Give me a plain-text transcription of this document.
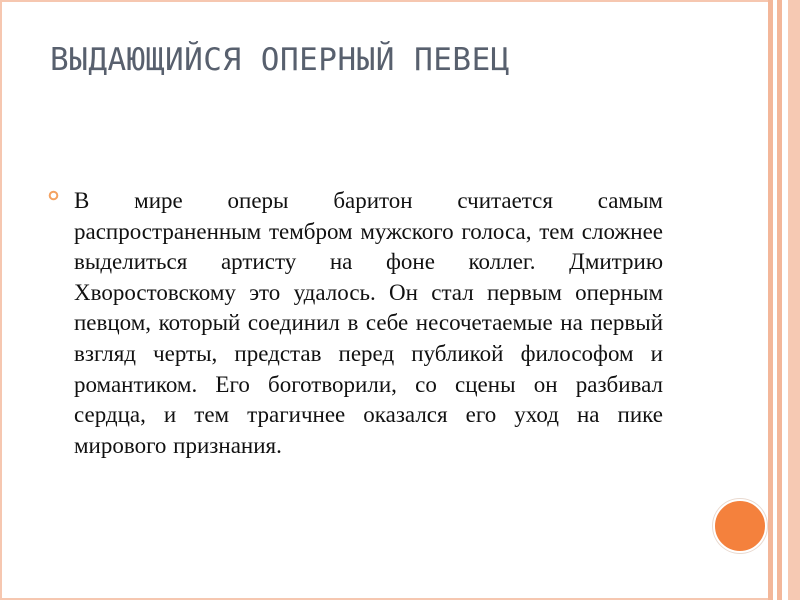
ВЫДАЮЩИЙСЯ ОПЕРНЫЙ ПЕВЕЦ

В мире оперы баритон считается самым распространенным тембром мужского голоса, тем сложнее выделиться артисту на фоне коллег. Дмитрию Хворостовскому это удалось. Он стал первым оперным певцом, который соединил в себе несочетаемые на первый взгляд черты, представ перед публикой философом и романтиком. Его боготворили, со сцены он разбивал сердца, и тем трагичнее оказался его уход на пике мирового признания.
